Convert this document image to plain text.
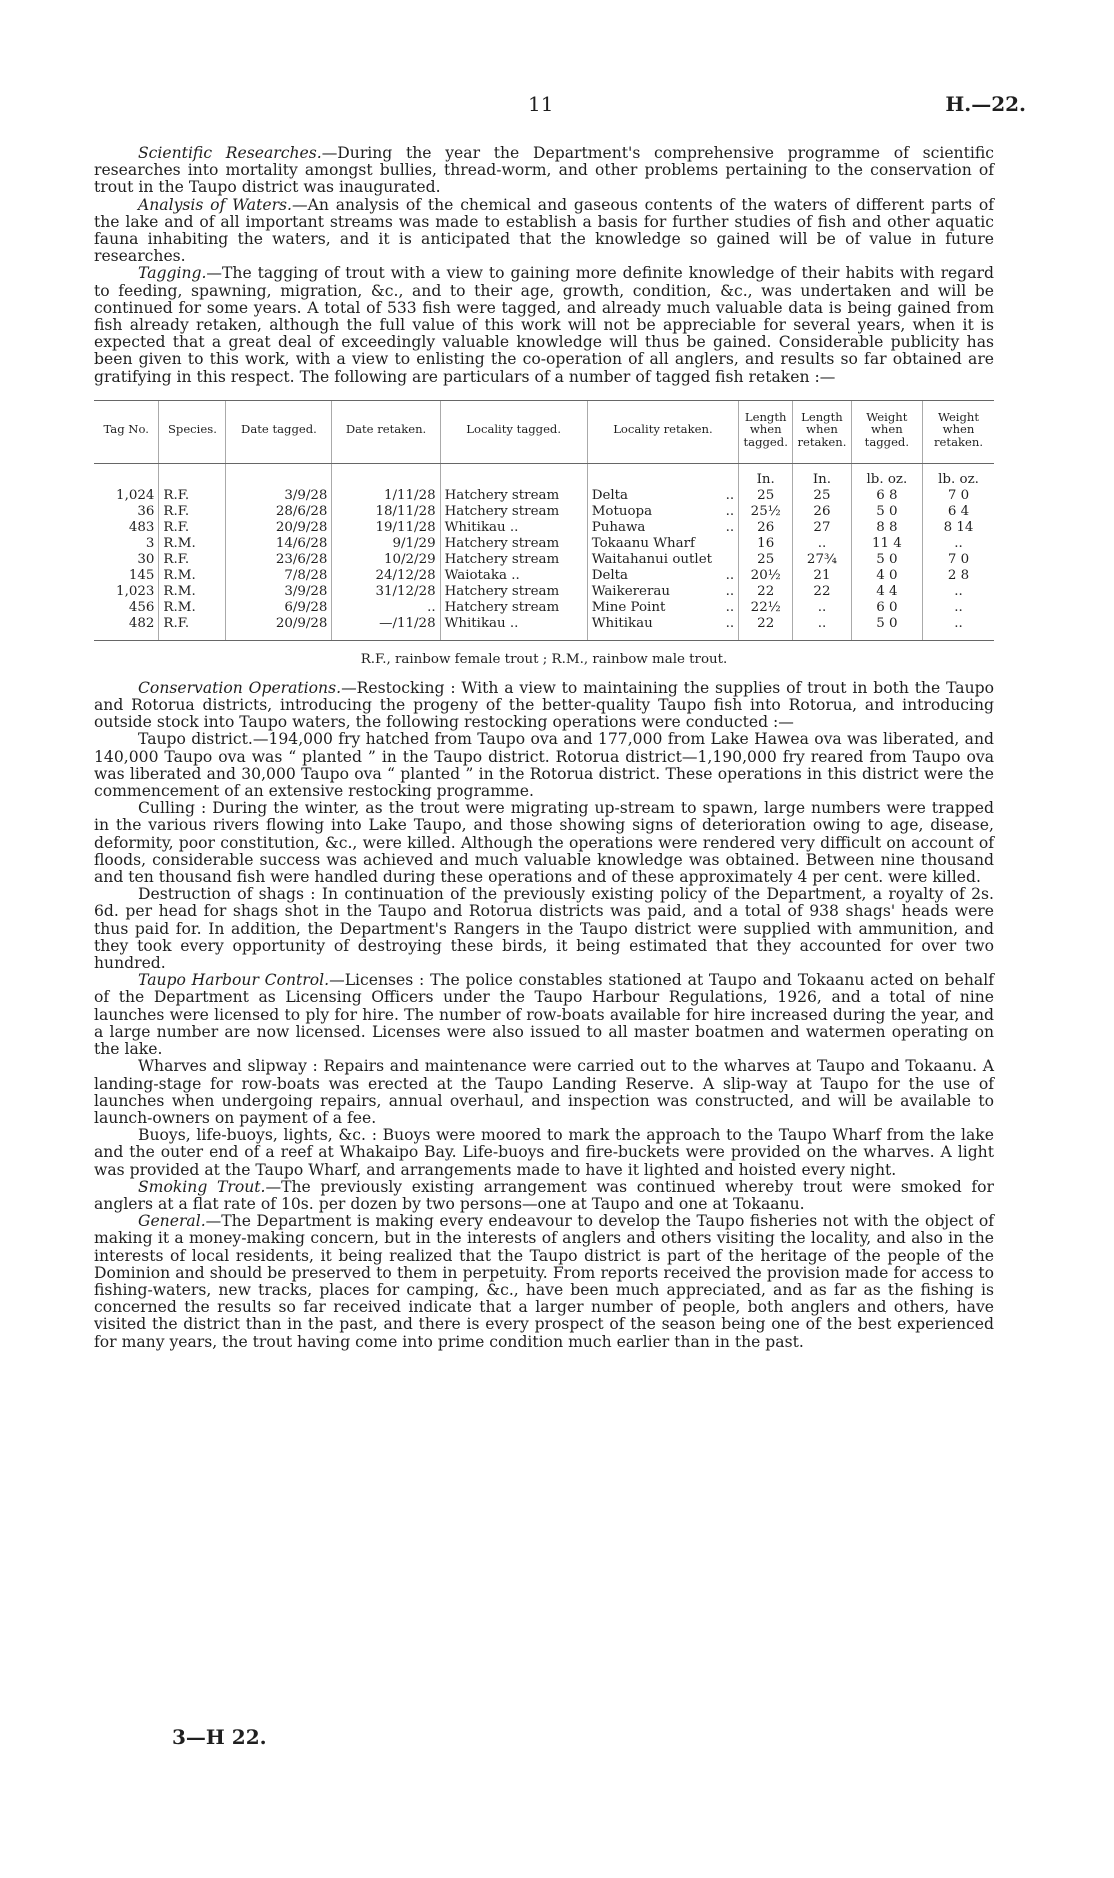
11	H.—22.

Scientific Researches.—During the year the Department's comprehensive programme of scientific researches into mortality amongst bullies, thread-worm, and other problems pertaining to the conservation of trout in the Taupo district was inaugurated.

Analysis of Waters.—An analysis of the chemical and gaseous contents of the waters of different parts of the lake and of all important streams was made to establish a basis for further studies of fish and other aquatic fauna inhabiting the waters, and it is anticipated that the knowledge so gained will be of value in future researches.

Tagging.—The tagging of trout with a view to gaining more definite knowledge of their habits with regard to feeding, spawning, migration, &c., and to their age, growth, condition, &c., was undertaken and will be continued for some years. A total of 533 fish were tagged, and already much valuable data is being gained from fish already retaken, although the full value of this work will not be appreciable for several years, when it is expected that a great deal of exceedingly valuable knowledge will thus be gained. Considerable publicity has been given to this work, with a view to enlisting the co-operation of all anglers, and results so far obtained are gratifying in this respect. The following are particulars of a number of tagged fish retaken :—

Tag No.	Species.	Date tagged.	Date retaken.	Locality tagged.	Locality retaken.	Length when tagged.	Length when retaken.	Weight when tagged.	Weight when retaken.
						In.	In.	lb. oz.	lb. oz.
1,024	R.F.	3/9/28	1/11/28	Hatchery stream	Delta ..	25	25	6 8	7 0
36	R.F.	28/6/28	18/11/28	Hatchery stream	Motuopa ..	25½	26	5 0	6 4
483	R.F.	20/9/28	19/11/28	Whitikau ..	Puhawa ..	26	27	8 8	8 14
3	R.M.	14/6/28	9/1/29	Hatchery stream	Tokaanu Wharf	16	..	11 4	..
30	R.F.	23/6/28	10/2/29	Hatchery stream	Waitahanui outlet	25	27¾	5 0	7 0
145	R.M.	7/8/28	24/12/28	Waiotaka ..	Delta ..	20½	21	4 0	2 8
1,023	R.M.	3/9/28	31/12/28	Hatchery stream	Waikererau ..	22	22	4 4	..
456	R.M.	6/9/28	..	Hatchery stream	Mine Point ..	22½	..	6 0	..
482	R.F.	20/9/28	—/11/28	Whitikau ..	Whitikau ..	22	..	5 0	..
R.F., rainbow female trout ; R.M., rainbow male trout.

Conservation Operations.—Restocking : With a view to maintaining the supplies of trout in both the Taupo and Rotorua districts, introducing the progeny of the better-quality Taupo fish into Rotorua, and introducing outside stock into Taupo waters, the following restocking operations were conducted :—

Taupo district.—194,000 fry hatched from Taupo ova and 177,000 from Lake Hawea ova was liberated, and 140,000 Taupo ova was “ planted ” in the Taupo district. Rotorua district—1,190,000 fry reared from Taupo ova was liberated and 30,000 Taupo ova “ planted ” in the Rotorua district. These operations in this district were the commencement of an extensive restocking programme.

Culling : During the winter, as the trout were migrating up-stream to spawn, large numbers were trapped in the various rivers flowing into Lake Taupo, and those showing signs of deterioration owing to age, disease, deformity, poor constitution, &c., were killed. Although the operations were rendered very difficult on account of floods, considerable success was achieved and much valuable knowledge was obtained. Between nine thousand and ten thousand fish were handled during these operations and of these approximately 4 per cent. were killed.

Destruction of shags : In continuation of the previously existing policy of the Department, a royalty of 2s. 6d. per head for shags shot in the Taupo and Rotorua districts was paid, and a total of 938 shags' heads were thus paid for. In addition, the Department's Rangers in the Taupo district were supplied with ammunition, and they took every opportunity of destroying these birds, it being estimated that they accounted for over two hundred.

Taupo Harbour Control.—Licenses : The police constables stationed at Taupo and Tokaanu acted on behalf of the Department as Licensing Officers under the Taupo Harbour Regulations, 1926, and a total of nine launches were licensed to ply for hire. The number of row-boats available for hire increased during the year, and a large number are now licensed. Licenses were also issued to all master boatmen and watermen operating on the lake.

Wharves and slipway : Repairs and maintenance were carried out to the wharves at Taupo and Tokaanu. A landing-stage for row-boats was erected at the Taupo Landing Reserve. A slip-way at Taupo for the use of launches when undergoing repairs, annual overhaul, and inspection was constructed, and will be available to launch-owners on payment of a fee.

Buoys, life-buoys, lights, &c. : Buoys were moored to mark the approach to the Taupo Wharf from the lake and the outer end of a reef at Whakaipo Bay. Life-buoys and fire-buckets were provided on the wharves. A light was provided at the Taupo Wharf, and arrangements made to have it lighted and hoisted every night.

Smoking Trout.—The previously existing arrangement was continued whereby trout were smoked for anglers at a flat rate of 10s. per dozen by two persons—one at Taupo and one at Tokaanu.

General.—The Department is making every endeavour to develop the Taupo fisheries not with the object of making it a money-making concern, but in the interests of anglers and others visiting the locality, and also in the interests of local residents, it being realized that the Taupo district is part of the heritage of the people of the Dominion and should be preserved to them in perpetuity. From reports received the provision made for access to fishing-waters, new tracks, places for camping, &c., have been much appreciated, and as far as the fishing is concerned the results so far received indicate that a larger number of people, both anglers and others, have visited the district than in the past, and there is every prospect of the season being one of the best experienced for many years, the trout having come into prime condition much earlier than in the past.

3—H 22.
